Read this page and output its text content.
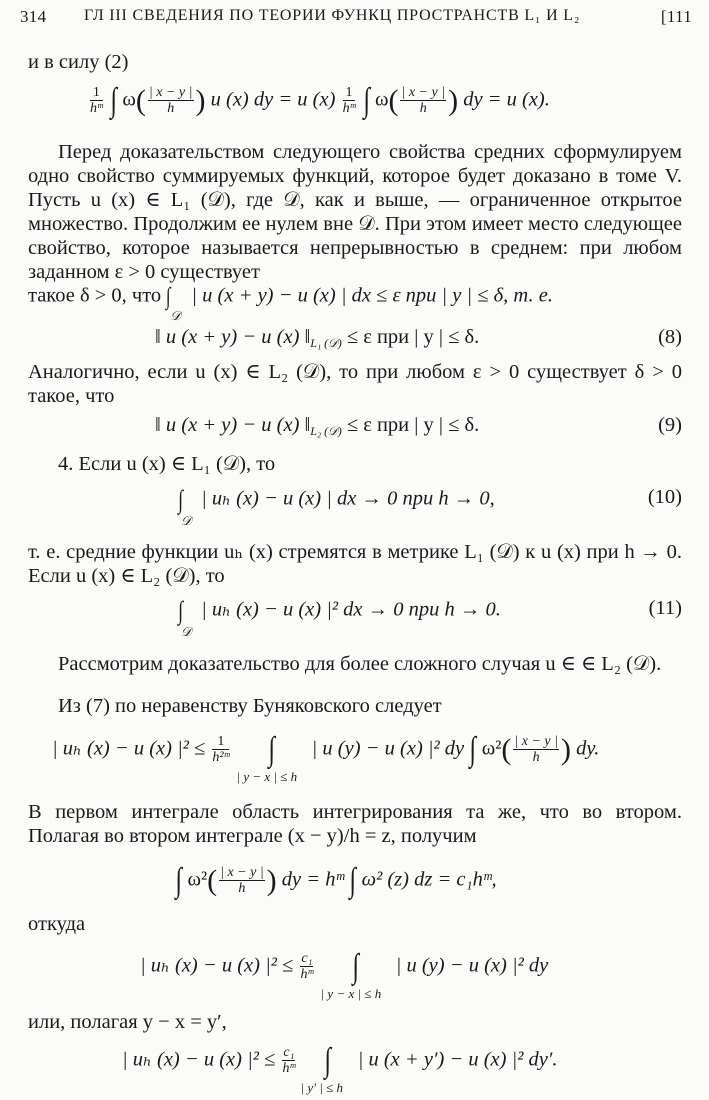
314 ГЛ III СВЕДЕНИЯ ПО ТЕОРИИ ФУНКЦ ПРОСТРАНСТВ L₁ И L₂	[111
и в силу (2)
$\frac{1}{\text{hᵐ}}$ ∫ $\omega( \frac{| x - y |}{h}$ ) u (x) dy = u $(x) \frac{1}{\text{hᵐ}}$ ∫ $\omega( \frac{| x - y |}{h}$ ) dy = u (x).
Перед доказательством следующего свойства средних сформулируем одно свойство суммируемых функций, которое будет доказано в томе V. Пусть u (x) ∈ L₁ (𝒟), где 𝒟, как и выше, — ограниченное открытое множество. Продолжим ее нулем вне 𝒟. При этом имеет место следующее свойство, которое называется непрерывностью в среднем: при любом заданном ε > 0 существует
такое δ > 0, что ∫
𝒟
| u (x + y) − u (x) | dx ≤ ε при | y | ≤ δ, т. е.
‖ u (x + y) − u (x) ‖L₁ (𝒟) ≤ ε при | y | ≤ δ.	(8)
Аналогично, если u (x) ∈ L₂ (𝒟), то при любом ε > 0 существует δ > 0 такое, что
‖ u (x + y) − u (x) ‖L₂ (𝒟) ≤ ε при | y | ≤ δ.	(9)
4. Если u (x) ∈ L₁ (𝒟), то
∫
𝒟
| uₕ (x) − u (x) | dx → 0 при h → 0,	(10)
т. е. средние функции uₕ (x) стремятся в метрике L₁ (𝒟) к u (x) при h → 0. Если u (x) ∈ L₂ (𝒟), то
∫
𝒟
| uₕ (x) − u (x) |² dx → 0 при h → 0.	(11)
Рассмотрим доказательство для более сложного случая u ∈ ∈ L₂ (𝒟).
Из (7) по неравенству Буняковского следует
| uₕ (x) − u (x) $|^2 \le \frac{1}{\text{h²ᵐ}}$ ∫
| y − x | ≤ h
| u (y) − u (x) |² dy ∫ $\omega^2( \frac{| x - y |}{h}$ ) dy.
В первом интеграле область интегрирования та же, что во втором. Полагая во втором интеграле (x − y)/h = z, получим
∫ $\omega^2( \frac{| x - y |}{h}$ ) dy = hᵐ ∫ ω² (z) dz = c₁hᵐ,
откуда
| uₕ (x) − u (x) $|^2 \le \frac{\text{c₁}}{\text{hᵐ}}$ ∫
| y − x | ≤ h
| u (y) − u (x) |² dy
или, полагая y − x = y′,
| uₕ (x) − u (x) $|^2 \le \frac{\text{c₁}}{\text{hᵐ}}$ ∫
| y′ | ≤ h
| u (x + y′) − u (x) |² dy′.
